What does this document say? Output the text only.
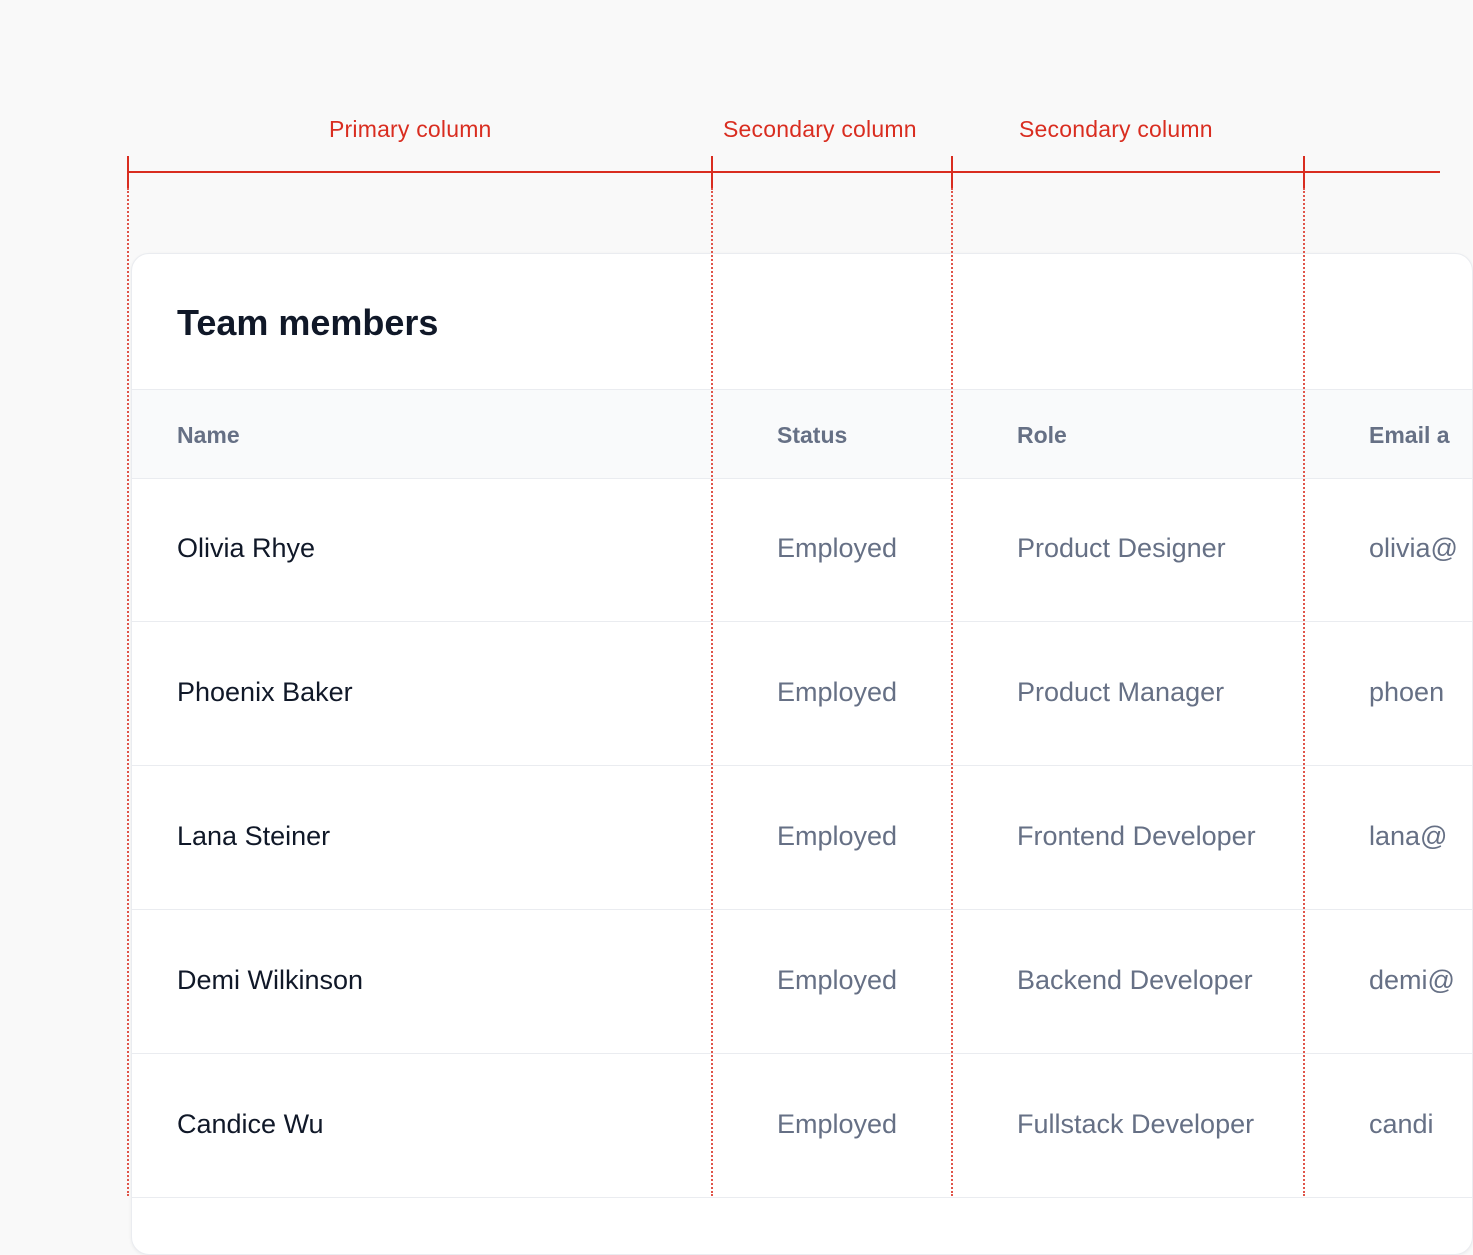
Primary column	Secondary column	Secondary column
Team members
Name	Status	Role	Email a
Olivia Rhye	Employed	Product Designer	olivia@
Phoenix Baker	Employed	Product Manager	phoen
Lana Steiner	Employed	Frontend Developer	lana@
Demi Wilkinson	Employed	Backend Developer	demi@
Candice Wu	Employed	Fullstack Developer	candi
